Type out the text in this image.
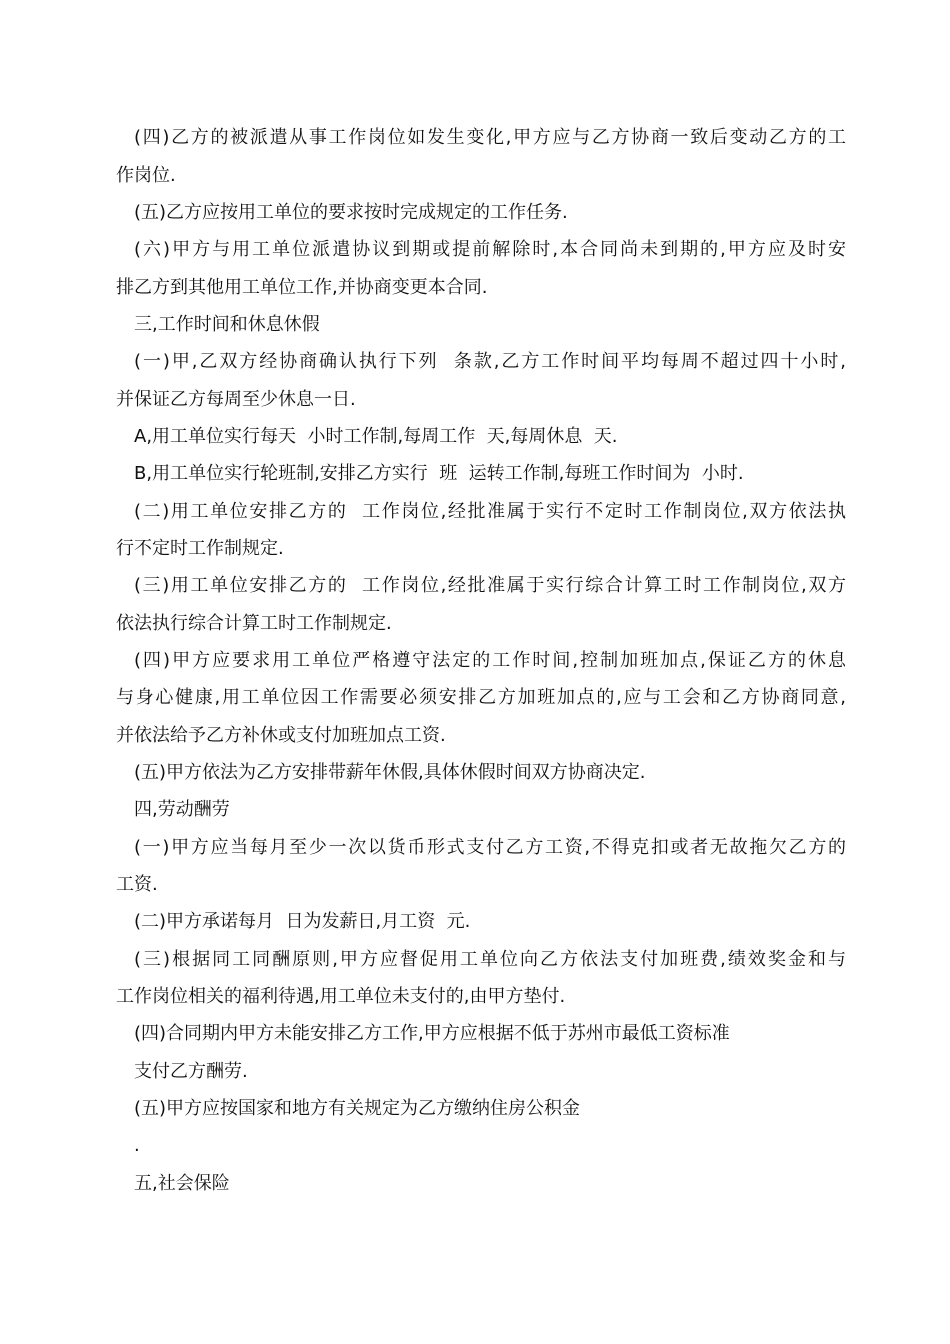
(四)乙方的被派遣从事工作岗位如发生变化,甲方应与乙方协商一致后变动乙方的工

作岗位.

(五)乙方应按用工单位的要求按时完成规定的工作任务.

(六)甲方与用工单位派遣协议到期或提前解除时,本合同尚未到期的,甲方应及时安

排乙方到其他用工单位工作,并协商变更本合同.

三,工作时间和休息休假

(一)甲,乙双方经协商确认执行下列  条款,乙方工作时间平均每周不超过四十小时,

并保证乙方每周至少休息一日.

A,用工单位实行每天  小时工作制,每周工作  天,每周休息  天.

B,用工单位实行轮班制,安排乙方实行  班  运转工作制,每班工作时间为  小时.

(二)用工单位安排乙方的  工作岗位,经批准属于实行不定时工作制岗位,双方依法执

行不定时工作制规定.

(三)用工单位安排乙方的  工作岗位,经批准属于实行综合计算工时工作制岗位,双方

依法执行综合计算工时工作制规定.

(四)甲方应要求用工单位严格遵守法定的工作时间,控制加班加点,保证乙方的休息

与身心健康,用工单位因工作需要必须安排乙方加班加点的,应与工会和乙方协商同意,

并依法给予乙方补休或支付加班加点工资.

(五)甲方依法为乙方安排带薪年休假,具体休假时间双方协商决定.

四,劳动酬劳

(一)甲方应当每月至少一次以货币形式支付乙方工资,不得克扣或者无故拖欠乙方的

工资.

(二)甲方承诺每月  日为发薪日,月工资  元.

(三)根据同工同酬原则,甲方应督促用工单位向乙方依法支付加班费,绩效奖金和与

工作岗位相关的福利待遇,用工单位未支付的,由甲方垫付.

(四)合同期内甲方未能安排乙方工作,甲方应根据不低于苏州市最低工资标准

支付乙方酬劳.

(五)甲方应按国家和地方有关规定为乙方缴纳住房公积金

.

五,社会保险
